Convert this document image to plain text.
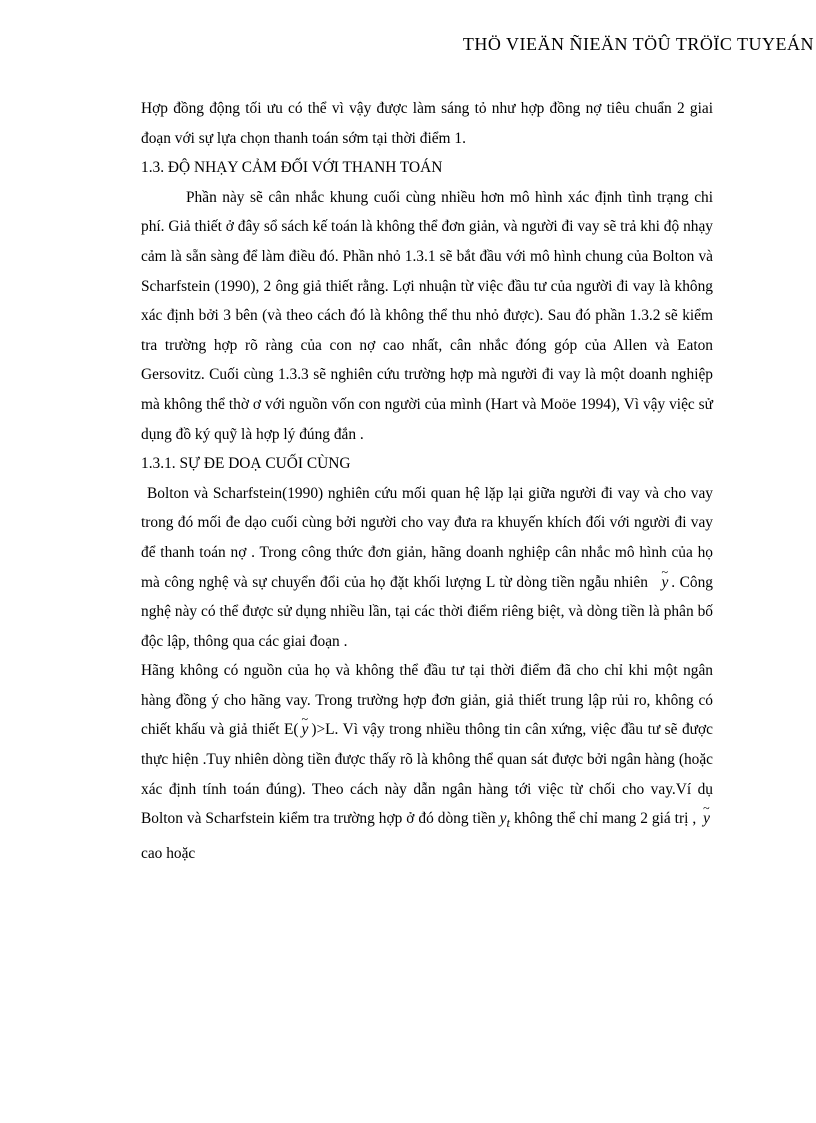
THÖ VIEÄN ÑIEÄN TÖÛ TRÖÏC TUYEÁN

Hợp đồng động tối ưu có thể vì vậy được làm sáng tỏ như hợp đồng nợ tiêu chuẩn 2 giai đoạn với sự lựa chọn thanh toán sớm tại thời điểm 1.

1.3. ĐỘ NHẠY CẢM ĐỐI VỚI THANH TOÁN

Phần này sẽ cân nhắc khung cuối cùng nhiều hơn mô hình xác định tình trạng chi phí. Giả thiết ở đây sổ sách kế toán là không thể đơn giản, và người đi vay sẽ trả khi độ nhạy cảm là sẵn sàng để làm điều đó. Phần nhỏ 1.3.1 sẽ bắt đầu với mô hình chung của Bolton và Scharfstein (1990), 2 ông giả thiết rằng. Lợi nhuận từ việc đầu tư của người đi vay là không xác định bởi 3 bên (và theo cách đó là không thể thu nhỏ được). Sau đó phần 1.3.2 sẽ kiểm tra trường hợp rõ ràng của con nợ cao nhất, cân nhắc đóng góp của Allen và Eaton Gersovitz. Cuối cùng 1.3.3 sẽ nghiên cứu trường hợp mà người đi vay là một doanh nghiệp mà không thể thờ ơ với nguồn vốn con người của mình (Hart và Moöe 1994), Vì vậy việc sử dụng đồ ký quỹ là hợp lý đúng đắn .

1.3.1. SỰ ĐE DOẠ CUỐI CÙNG

Bolton và Scharfstein(1990) nghiên cứu mối quan hệ lặp lại giữa người đi vay và cho vay trong đó mối đe dạo cuối cùng bởi người cho vay đưa ra khuyến khích đối với người đi vay để thanh toán nợ . Trong công thức đơn giản, hãng doanh nghiệp cân nhắc mô hình của họ mà công nghệ và sự chuyển đổi của họ đặt khối lượng L từ dòng tiền ngẫu nhiên ~ y . Công nghệ này có thể được sử dụng nhiều lần, tại các thời điểm riêng biệt, và dòng tiền là phân bố độc lập, thông qua các giai đoạn .

Hãng không có nguồn của họ và không thể đầu tư tại thời điểm đã cho chỉ khi một ngân hàng đồng ý cho hãng vay. Trong trường hợp đơn giản, giả thiết trung lập rủi ro, không có chiết khấu và giả thiết E( ~ y )>L. Vì vậy trong nhiều thông tin cân xứng, việc đầu tư sẽ được thực hiện .Tuy nhiên dòng tiền được thấy rõ là không thể quan sát được bởi ngân hàng (hoặc xác định tính toán đúng). Theo cách này dẫn ngân hàng tới việc từ chối cho vay.Ví dụ Bolton và Scharfstein kiểm tra trường hợp ở đó dòng tiền $y_t$ không thể chỉ mang 2 giá trị , ~ y cao hoặc
